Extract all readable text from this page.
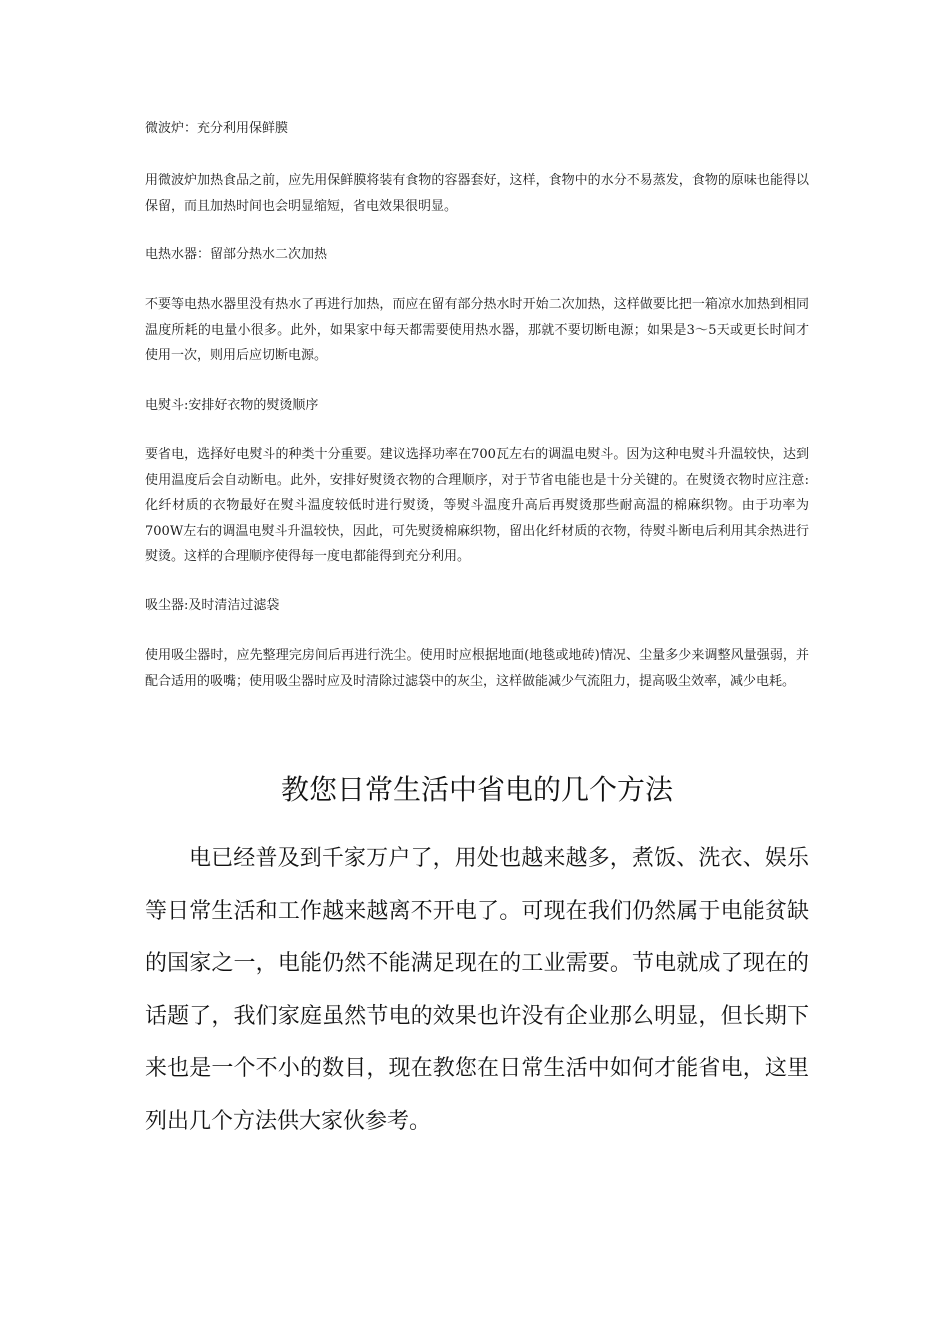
微波炉：充分利用保鲜膜

用微波炉加热食品之前，应先用保鲜膜将装有食物的容器套好，这样，食物中的水分不易蒸发，食物的原味也能得以保留，而且加热时间也会明显缩短，省电效果很明显。

电热水器：留部分热水二次加热

不要等电热水器里没有热水了再进行加热，而应在留有部分热水时开始二次加热，这样做要比把一箱凉水加热到相同温度所耗的电量小很多。此外，如果家中每天都需要使用热水器，那就不要切断电源；如果是3～5天或更长时间才使用一次，则用后应切断电源。

电熨斗:安排好衣物的熨烫顺序

要省电，选择好电熨斗的种类十分重要。建议选择功率在700瓦左右的调温电熨斗。因为这种电熨斗升温较快，达到使用温度后会自动断电。此外，安排好熨烫衣物的合理顺序，对于节省电能也是十分关键的。在熨烫衣物时应注意:化纤材质的衣物最好在熨斗温度较低时进行熨烫，等熨斗温度升高后再熨烫那些耐高温的棉麻织物。由于功率为700W左右的调温电熨斗升温较快，因此，可先熨烫棉麻织物，留出化纤材质的衣物，待熨斗断电后利用其余热进行熨烫。这样的合理顺序使得每一度电都能得到充分利用。

吸尘器:及时清洁过滤袋

使用吸尘器时，应先整理完房间后再进行洗尘。使用时应根据地面(地毯或地砖)情况、尘量多少来调整风量强弱，并配合适用的吸嘴；使用吸尘器时应及时清除过滤袋中的灰尘，这样做能减少气流阻力，提高吸尘效率，减少电耗。

教您日常生活中省电的几个方法

电已经普及到千家万户了，用处也越来越多，煮饭、洗衣、娱乐等日常生活和工作越来越离不开电了。可现在我们仍然属于电能贫缺的国家之一，电能仍然不能满足现在的工业需要。节电就成了现在的话题了，我们家庭虽然节电的效果也许没有企业那么明显，但长期下来也是一个不小的数目，现在教您在日常生活中如何才能省电，这里列出几个方法供大家伙参考。
